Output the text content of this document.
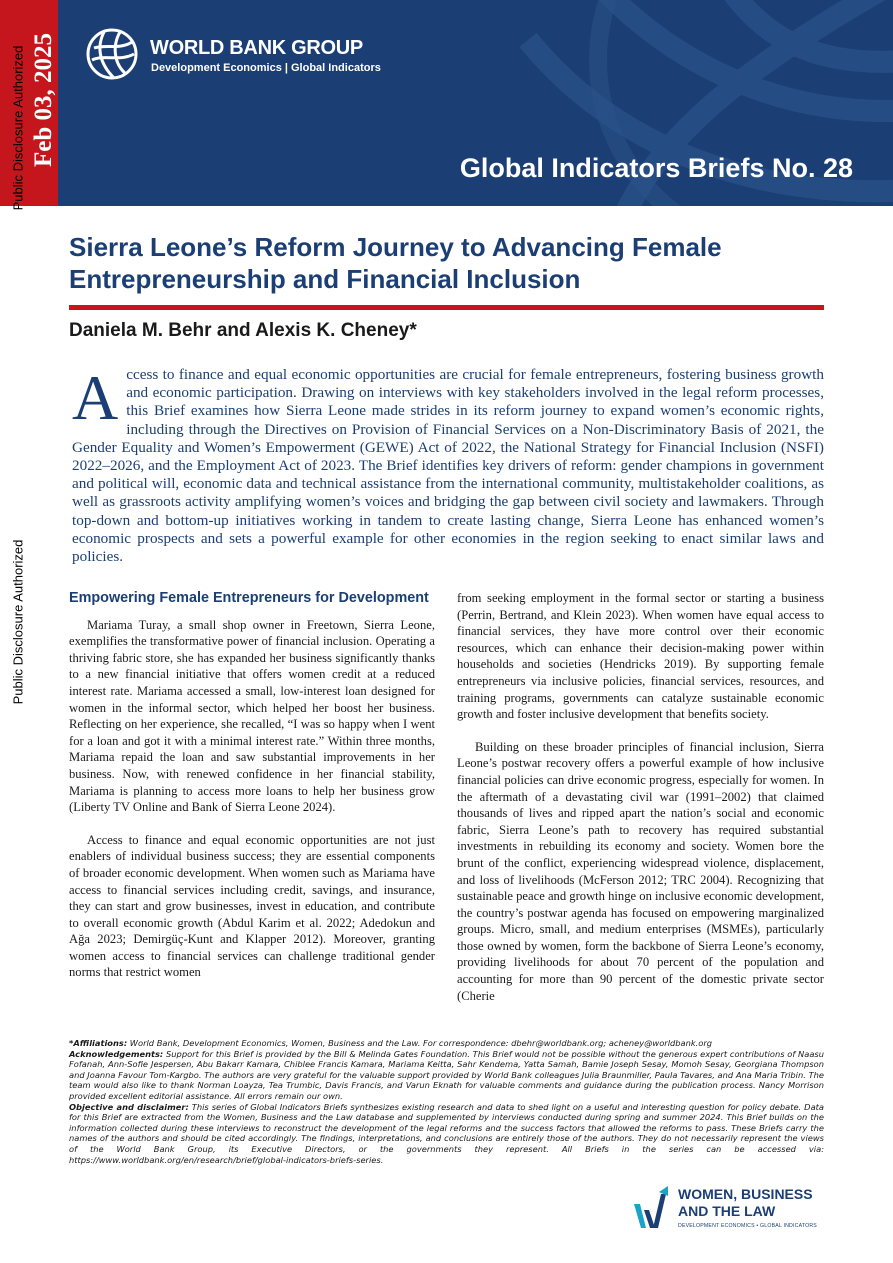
WORLD BANK GROUP
Development Economics | Global Indicators
Global Indicators Briefs No. 28
Feb 03, 2025
Public Disclosure Authorized
Public Disclosure Authorized
Sierra Leone’s Reform Journey to Advancing Female
Entrepreneurship and Financial Inclusion
Daniela M. Behr and Alexis K. Cheney*

Access to finance and equal economic opportunities are crucial for female entrepreneurs, fostering business growth and economic participation. Drawing on interviews with key stakeholders involved in the legal reform processes, this Brief examines how Sierra Leone made strides in its reform journey to expand women’s economic rights, including through the Directives on Provision of Financial Services on a Non-Discriminatory Basis of 2021, the Gender Equality and Women’s Empowerment (GEWE) Act of 2022, the National Strategy for Financial Inclusion (NSFI) 2022–2026, and the Employment Act of 2023. The Brief identifies key drivers of reform: gender champions in government and political will, economic data and technical assistance from the international community, multistakeholder coalitions, as well as grassroots activity amplifying women’s voices and bridging the gap between civil society and lawmakers. Through top-down and bottom-up initiatives working in tandem to create lasting change, Sierra Leone has enhanced women’s economic prospects and sets a powerful example for other economies in the region seeking to enact similar laws and policies.

Empowering Female Entrepreneurs for Development

Mariama Turay, a small shop owner in Freetown, Sierra Leone, exemplifies the transformative power of financial inclusion. Operating a thriving fabric store, she has expanded her business significantly thanks to a new financial initiative that offers women credit at a reduced interest rate. Mariama accessed a small, low-interest loan designed for women in the informal sector, which helped her boost her business. Reflecting on her experience, she recalled, “I was so happy when I went for a loan and got it with a minimal interest rate.” Within three months, Mariama repaid the loan and saw substantial improvements in her business. Now, with renewed confidence in her financial stability, Mariama is planning to access more loans to help her business grow (Liberty TV Online and Bank of Sierra Leone 2024).

Access to finance and equal economic opportunities are not just enablers of individual business success; they are essential components of broader economic development. When women such as Mariama have access to financial services including credit, savings, and insurance, they can start and grow businesses, invest in education, and contribute to overall economic growth (Abdul Karim et al. 2022; Adedokun and Ağa 2023; Demirgüç-Kunt and Klapper 2012). Moreover, granting women access to financial services can challenge traditional gender norms that restrict women

from seeking employment in the formal sector or starting a business (Perrin, Bertrand, and Klein 2023). When women have equal access to financial services, they have more control over their economic resources, which can enhance their decision-making power within households and societies (Hendricks 2019). By supporting female entrepreneurs via inclusive policies, financial services, resources, and training programs, governments can catalyze sustainable economic growth and foster inclusive development that benefits society.

Building on these broader principles of financial inclusion, Sierra Leone’s postwar recovery offers a powerful example of how inclusive financial policies can drive economic progress, especially for women. In the aftermath of a devastating civil war (1991–2002) that claimed thousands of lives and ripped apart the nation’s social and economic fabric, Sierra Leone’s path to recovery has required substantial investments in rebuilding its economy and society. Women bore the brunt of the conflict, experiencing widespread violence, displacement, and loss of livelihoods (McFerson 2012; TRC 2004). Recognizing that sustainable peace and growth hinge on inclusive economic development, the country’s postwar agenda has focused on empowering marginalized groups. Micro, small, and medium enterprises (MSMEs), particularly those owned by women, form the backbone of Sierra Leone’s economy, providing livelihoods for about 70 percent of the population and accounting for more than 90 percent of the domestic private sector (Cherie

*Affiliations: World Bank, Development Economics, Women, Business and the Law. For correspondence: dbehr@worldbank.org; acheney@worldbank.org
Acknowledgements: Support for this Brief is provided by the Bill & Melinda Gates Foundation. This Brief would not be possible without the generous expert contributions of Naasu Fofanah, Ann-Sofie Jespersen, Abu Bakarr Kamara, Chiblee Francis Kamara, Mariama Keitta, Sahr Kendema, Yatta Samah, Bamie Joseph Sesay, Momoh Sesay, Georgiana Thompson and Joanna Favour Tom-Kargbo. The authors are very grateful for the valuable support provided by World Bank colleagues Julia Braunmiller, Paula Tavares, and Ana Maria Tribin. The team would also like to thank Norman Loayza, Tea Trumbic, Davis Francis, and Varun Eknath for valuable comments and guidance during the publication process. Nancy Morrison provided excellent editorial assistance. All errors remain our own.
Objective and disclaimer: This series of Global Indicators Briefs synthesizes existing research and data to shed light on a useful and interesting question for policy debate. Data for this Brief are extracted from the Women, Business and the Law database and supplemented by interviews conducted during spring and summer 2024. This Brief builds on the information collected during these interviews to reconstruct the development of the legal reforms and the success factors that allowed the reforms to pass. These Briefs carry the names of the authors and should be cited accordingly. The findings, interpretations, and conclusions are entirely those of the authors. They do not necessarily represent the views of the World Bank Group, its Executive Directors, or the governments they represent. All Briefs in the series can be accessed via: https://www.worldbank.org/en/research/brief/global-indicators-briefs-series.
WOMEN, BUSINESS
AND THE LAW
DEVELOPMENT ECONOMICS • GLOBAL INDICATORS
